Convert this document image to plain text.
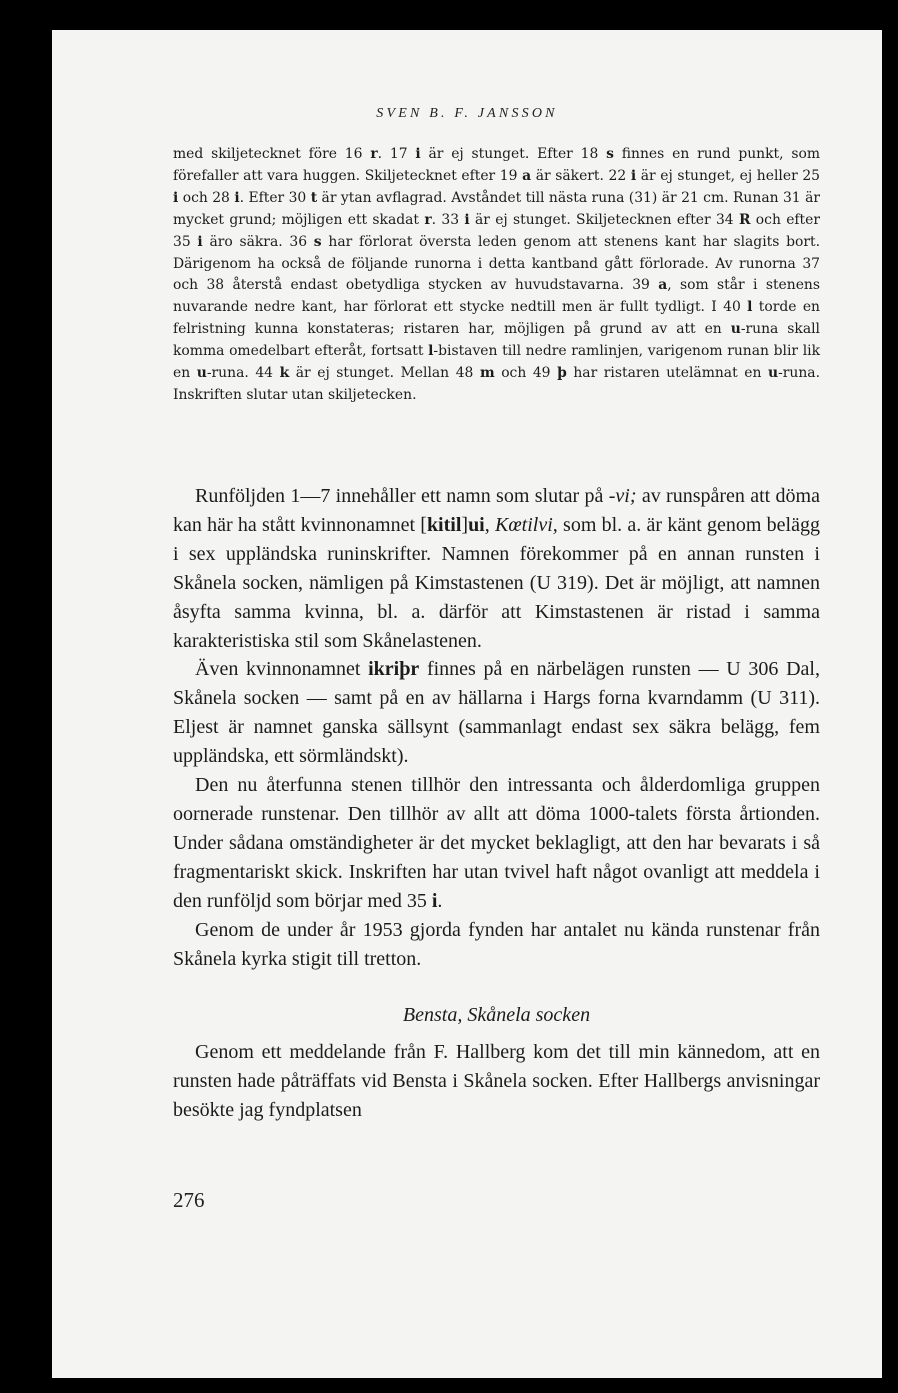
SVEN B. F. JANSSON

med skiljetecknet före 16 r. 17 i är ej stunget. Efter 18 s finnes en rund punkt, som förefaller att vara huggen. Skiljetecknet efter 19 a är säkert. 22 i är ej stunget, ej heller 25 i och 28 i. Efter 30 t är ytan avflagrad. Avståndet till nästa runa (31) är 21 cm. Runan 31 är mycket grund; möjligen ett skadat r. 33 i är ej stunget. Skiljetecknen efter 34 R och efter 35 i äro säkra. 36 s har förlorat översta leden genom att stenens kant har slagits bort. Därigenom ha också de följande runorna i detta kantband gått förlorade. Av runorna 37 och 38 återstå endast obetydliga stycken av huvudstavarna. 39 a, som står i stenens nuvarande nedre kant, har förlorat ett stycke nedtill men är fullt tydligt. I 40 l torde en felristning kunna konstateras; ristaren har, möjligen på grund av att en u-runa skall komma omedelbart efteråt, fortsatt l-bistaven till nedre ramlinjen, varigenom runan blir lik en u-runa. 44 k är ej stunget. Mellan 48 m och 49 þ har ristaren utelämnat en u-runa. Inskriften slutar utan skiljetecken.

Runföljden 1—7 innehåller ett namn som slutar på -vi; av runspåren att döma kan här ha stått kvinnonamnet [kitil]ui, Kœtilvi, som bl. a. är känt genom belägg i sex uppländska runinskrifter. Namnen förekommer på en annan runsten i Skånela socken, nämligen på Kimstastenen (U 319). Det är möjligt, att namnen åsyfta samma kvinna, bl. a. därför att Kimstastenen är ristad i samma karakteristiska stil som Skånelastenen.

Även kvinnonamnet ikriþr finnes på en närbelägen runsten — U 306 Dal, Skånela socken — samt på en av hällarna i Hargs forna kvarndamm (U 311). Eljest är namnet ganska sällsynt (sammanlagt endast sex säkra belägg, fem uppländska, ett sörmländskt).

Den nu återfunna stenen tillhör den intressanta och ålderdomliga gruppen oornerade runstenar. Den tillhör av allt att döma 1000-talets första årtionden. Under sådana omständigheter är det mycket beklagligt, att den har bevarats i så fragmentariskt skick. Inskriften har utan tvivel haft något ovanligt att meddela i den runföljd som börjar med 35 i.

Genom de under år 1953 gjorda fynden har antalet nu kända runstenar från Skånela kyrka stigit till tretton.

Bensta, Skånela socken

Genom ett meddelande från F. Hallberg kom det till min kännedom, att en runsten hade påträffats vid Bensta i Skånela socken. Efter Hallbergs anvisningar besökte jag fyndplatsen

276
